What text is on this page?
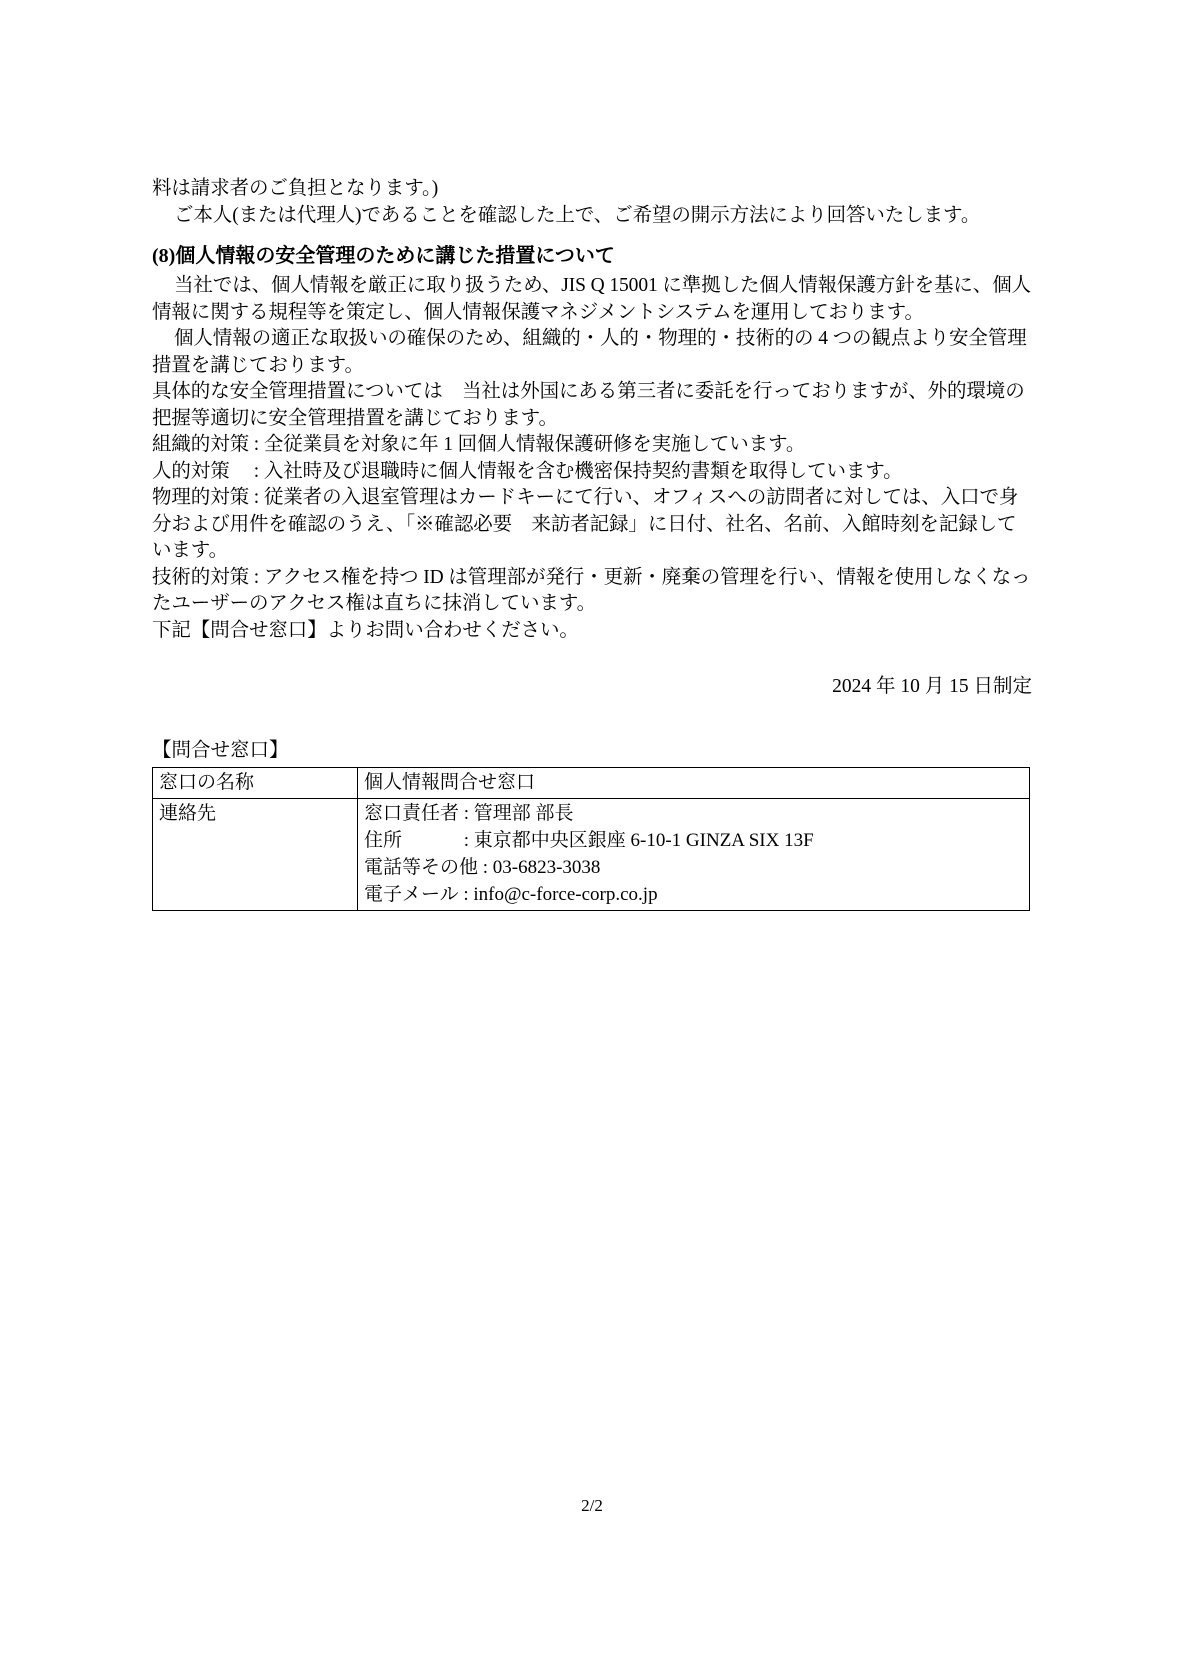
料は請求者のご負担となります。)
ご本人(または代理人)であることを確認した上で、ご希望の開示方法により回答いたします。
(8)個人情報の安全管理のために講じた措置について
当社では、個人情報を厳正に取り扱うため、JIS Q 15001 に準拠した個人情報保護方針を基に、個人情報に関する規程等を策定し、個人情報保護マネジメントシステムを運用しております。
個人情報の適正な取扱いの確保のため、組織的・人的・物理的・技術的の 4 つの観点より安全管理措置を講じております。
具体的な安全管理措置については　当社は外国にある第三者に委託を行っておりますが、外的環境の把握等適切に安全管理措置を講じております。
組織的対策 : 全従業員を対象に年 1 回個人情報保護研修を実施しています。
人的対策　 : 入社時及び退職時に個人情報を含む機密保持契約書類を取得しています。
物理的対策 : 従業者の入退室管理はカードキーにて行い、オフィスへの訪問者に対しては、入口で身分および用件を確認のうえ、「※確認必要　来訪者記録」に日付、社名、名前、入館時刻を記録しています。
技術的対策 : アクセス権を持つ ID は管理部が発行・更新・廃棄の管理を行い、情報を使用しなくなったユーザーのアクセス権は直ちに抹消しています。
下記【問合せ窓口】よりお問い合わせください。
2024 年 10 月 15 日制定
【問合せ窓口】
窓口の名称	個人情報問合せ窓口

連絡先	窓口責任者 : 管理部 部長
住所　　　 : 東京都中央区銀座 6-10-1 GINZA SIX 13F
電話等その他 : 03-6823-3038
電子メール : info@c-force-corp.co.jp
2/2
